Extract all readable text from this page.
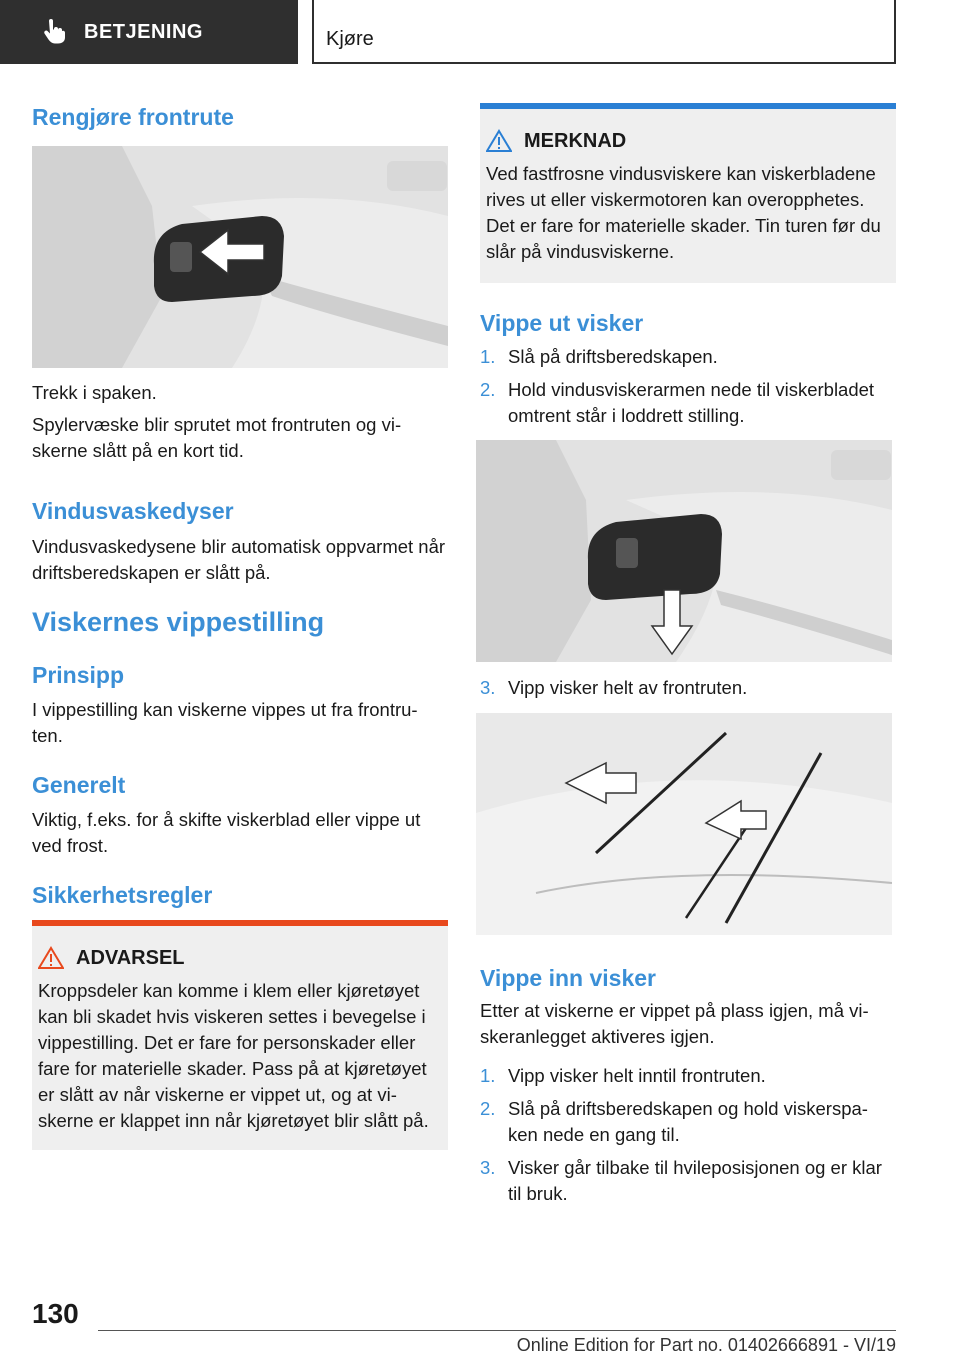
BETJENING	Kjøre
Rengjøre frontrute
Trekk i spaken.
Spylervæske blir sprutet mot frontruten og vi-skerne slått på en kort tid.
Vindusvaskedyser
Vindusvaskedysene blir automatisk oppvarmet når driftsberedskapen er slått på.
Viskernes vippestilling
Prinsipp
I vippestilling kan viskerne vippes ut fra frontru-ten.
Generelt
Viktig, f.eks. for å skifte viskerblad eller vippe ut ved frost.
Sikkerhetsregler
ADVARSEL
Kroppsdeler kan komme i klem eller kjøretøyet kan bli skadet hvis viskeren settes i bevegelse i vippestilling. Det er fare for personskader eller fare for materielle skader. Pass på at kjøretøyet er slått av når viskerne er vippet ut, og at vi-skerne er klappet inn når kjøretøyet blir slått på.
MERKNAD
Ved fastfrosne vindusviskere kan viskerbladene rives ut eller viskermotoren kan overopphetes. Det er fare for materielle skader. Tin turen før du slår på vindusviskerne.
Vippe ut visker
1. Slå på driftsberedskapen.
2. Hold vindusviskerarmen nede til viskerbladet omtrent står i loddrett stilling.
3. Vipp visker helt av frontruten.
Vippe inn visker
Etter at viskerne er vippet på plass igjen, må vi-skeranlegget aktiveres igjen.
1. Vipp visker helt inntil frontruten.
2. Slå på driftsberedskapen og hold viskerspa-ken nede en gang til.
3. Visker går tilbake til hvileposisjonen og er klar til bruk.
130
Online Edition for Part no. 01402666891 - VI/19
